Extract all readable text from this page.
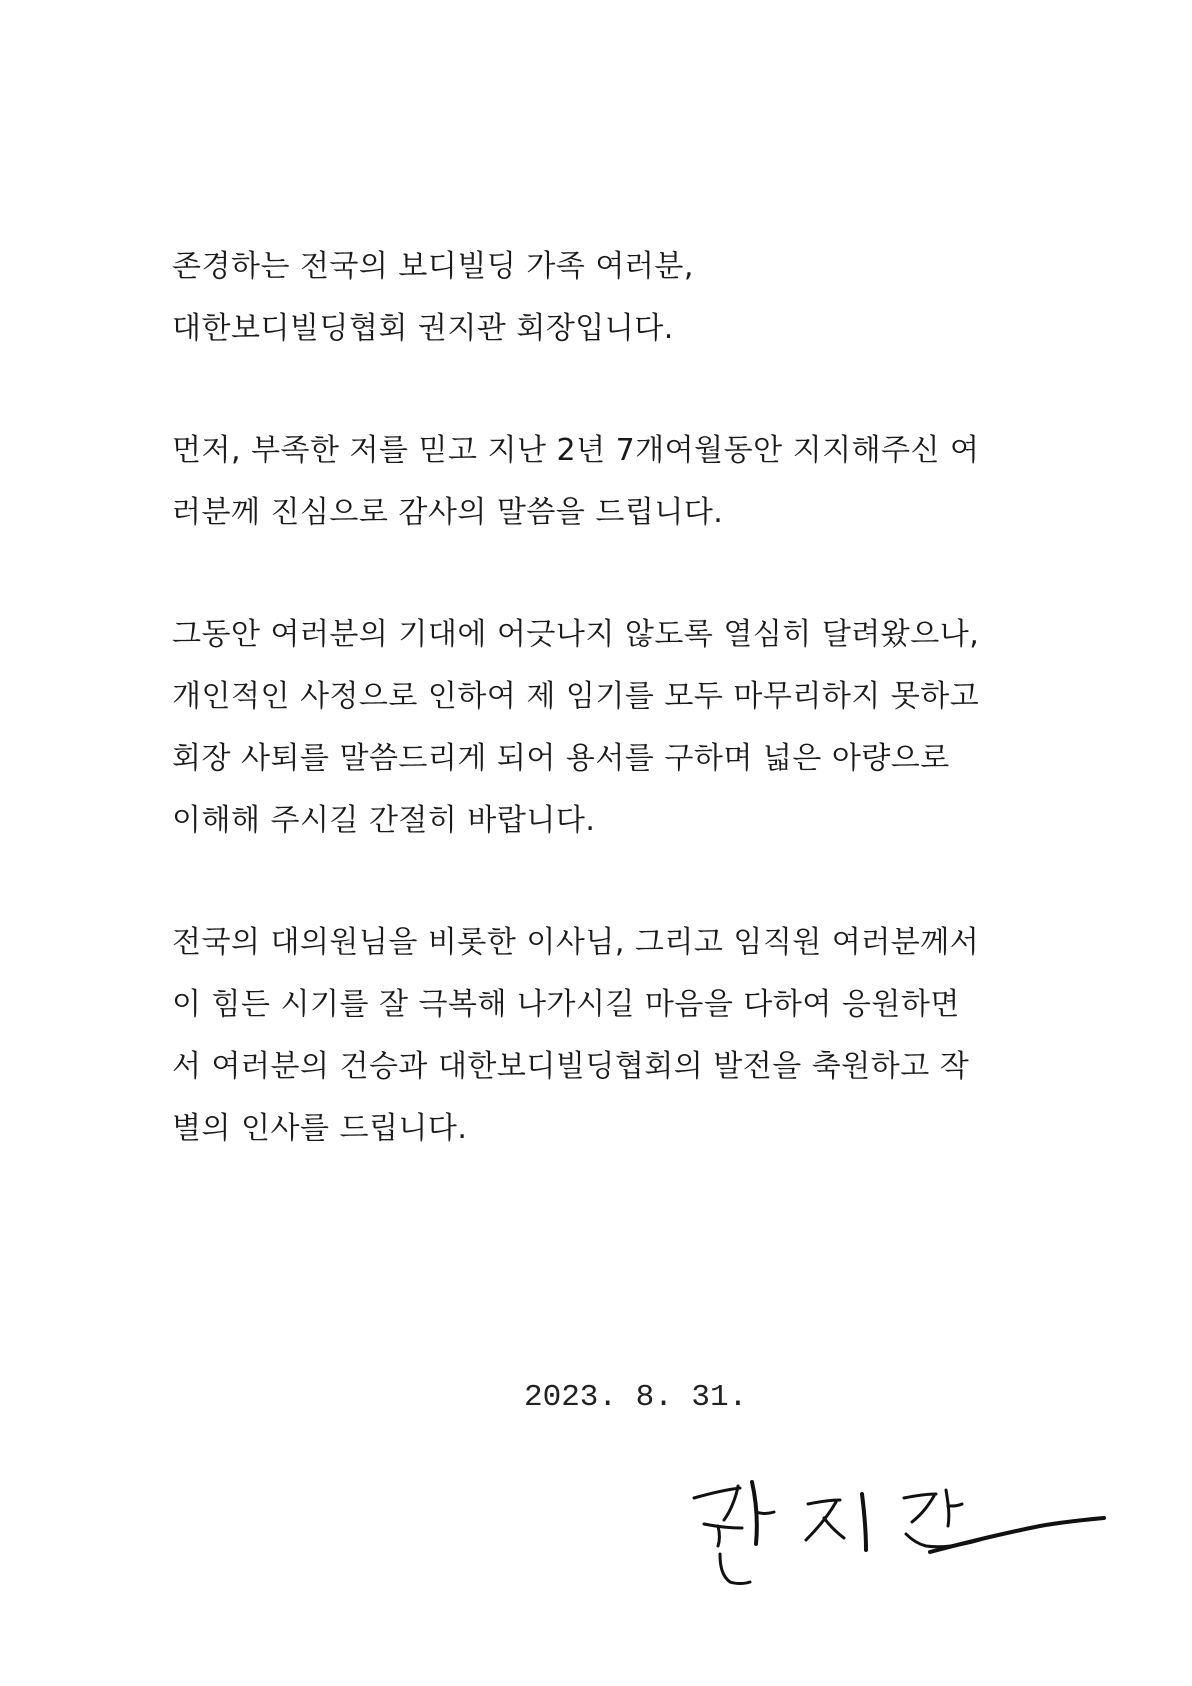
존경하는 전국의 보디빌딩 가족 여러분,
대한보디빌딩협회 권지관 회장입니다.
먼저, 부족한 저를 믿고 지난 2년 7개여월동안 지지해주신 여
러분께 진심으로 감사의 말씀을 드립니다.
그동안 여러분의 기대에 어긋나지 않도록 열심히 달려왔으나,
개인적인 사정으로 인하여 제 임기를 모두 마무리하지 못하고
회장 사퇴를 말씀드리게 되어 용서를 구하며 넓은 아량으로
이해해 주시길 간절히 바랍니다.
전국의 대의원님을 비롯한 이사님, 그리고 임직원 여러분께서
이 힘든 시기를 잘 극복해 나가시길 마음을 다하여 응원하면
서 여러분의 건승과 대한보디빌딩협회의 발전을 축원하고 작
별의 인사를 드립니다.
2023. 8. 31.
